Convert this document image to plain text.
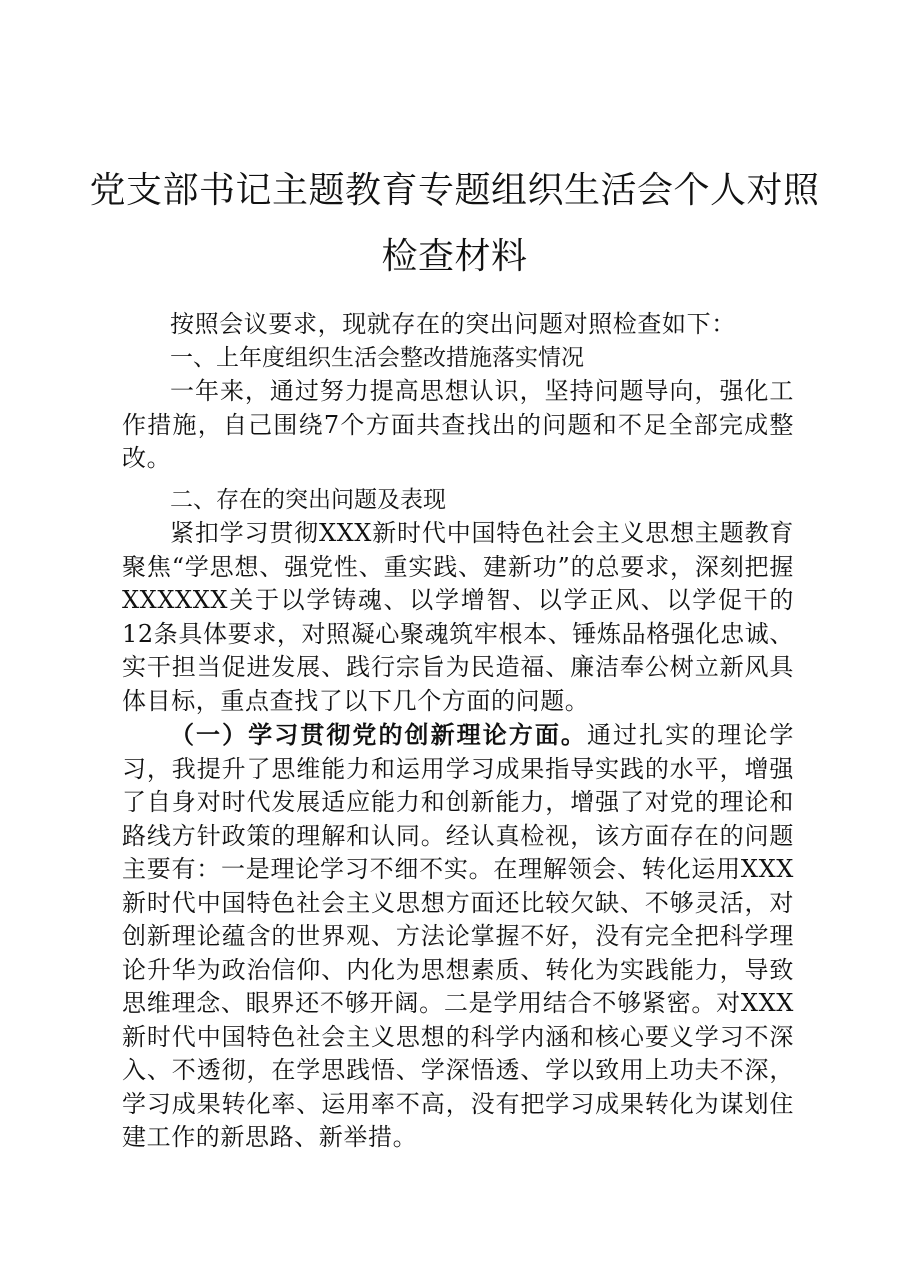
党支部书记主题教育专题组织生活会个人对照
检查材料

按照会议要求，现就存在的突出问题对照检查如下：

一、上年度组织生活会整改措施落实情况

一年来，通过努力提高思想认识，坚持问题导向，强化工作措施，自己围绕7个方面共查找出的问题和不足全部完成整改。

二、存在的突出问题及表现

紧扣学习贯彻XXX新时代中国特色社会主义思想主题教育聚焦“学思想、强党性、重实践、建新功”的总要求，深刻把握XXXXXX关于以学铸魂、以学增智、以学正风、以学促干的12条具体要求，对照凝心聚魂筑牢根本、锤炼品格强化忠诚、实干担当促进发展、践行宗旨为民造福、廉洁奉公树立新风具体目标，重点查找了以下几个方面的问题。

（一）学习贯彻党的创新理论方面。通过扎实的理论学习，我提升了思维能力和运用学习成果指导实践的水平，增强了自身对时代发展适应能力和创新能力，增强了对党的理论和路线方针政策的理解和认同。经认真检视，该方面存在的问题主要有：一是理论学习不细不实。在理解领会、转化运用XXX新时代中国特色社会主义思想方面还比较欠缺、不够灵活，对创新理论蕴含的世界观、方法论掌握不好，没有完全把科学理论升华为政治信仰、内化为思想素质、转化为实践能力，导致思维理念、眼界还不够开阔。二是学用结合不够紧密。对XXX新时代中国特色社会主义思想的科学内涵和核心要义学习不深入、不透彻，在学思践悟、学深悟透、学以致用上功夫不深，学习成果转化率、运用率不高，没有把学习成果转化为谋划住建工作的新思路、新举措。
